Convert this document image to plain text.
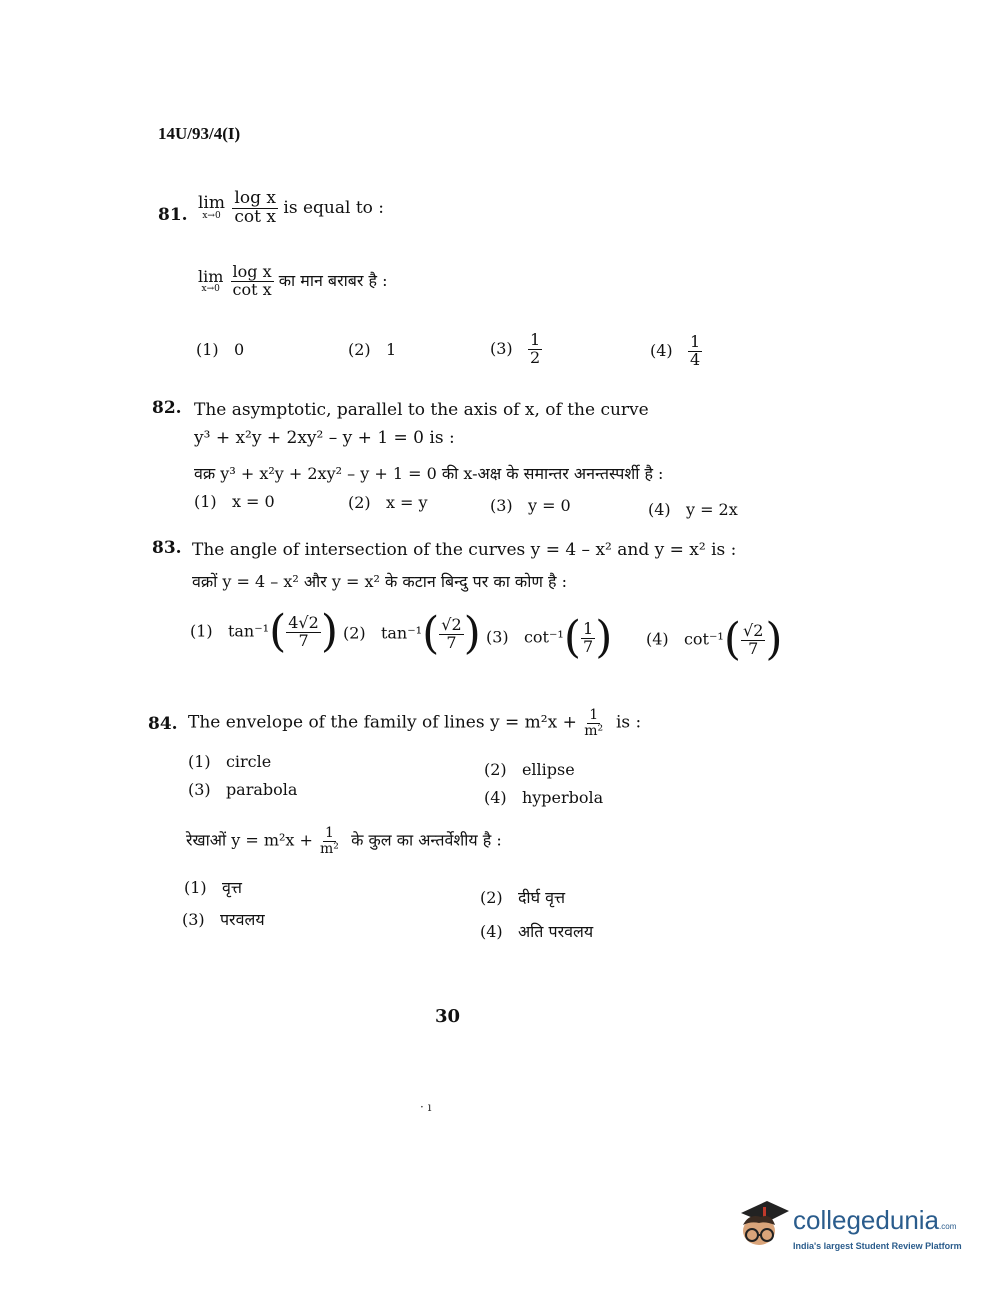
14U/93/4(I)
81.
lim
x→0
$\frac{\text{log x}}{\text{cot x}}$ is equal to :
lim
x→0
$\frac{\text{log x}}{\text{cot x}}$ का मान बराबर है :
(1) 0	(2) 1	$(3) \frac{1}{2}$	$(4) \frac{1}{4}$
82. The asymptotic, parallel to the axis of x, of the curve
y³ + x²y + 2xy² – y + 1 = 0 is :
वक्र y³ + x²y + 2xy² – y + 1 = 0 की x-अक्ष के समान्तर अनन्तस्पर्शी है :
(1) x = 0	(2) x = y	(3) y = 0	(4) y = 2x
83. The angle of intersection of the curves y = 4 – x² and y = x² is :
वक्रों y = 4 – x² और y = x² के कटान बिन्दु पर का कोण है :
(1) $\tan^{-1}( \frac{4√2}{7}$ ) (2) $\tan^{-1}( \frac{√2}{7}$ ) (3) $\cot^{-1}( \frac{1}{7}$ ) (4) $\cot^{-1}( \frac{√2}{7}$ )
84. The envelope of the family of lines $y = m^2x + \frac{1}{\text{m²}}$ is :
(1) circle	(2) ellipse
(3) parabola	(4) hyperbola
रेखाओं $y = m^2x + \frac{1}{\text{m²}}$ के कुल का अन्तर्वेशीय है :
(1) वृत्त
(2) दीर्घ वृत्त
(3) परवलय
(4) अति परवलय
30
· ı
collegedunia.com
India's largest Student Review Platform
